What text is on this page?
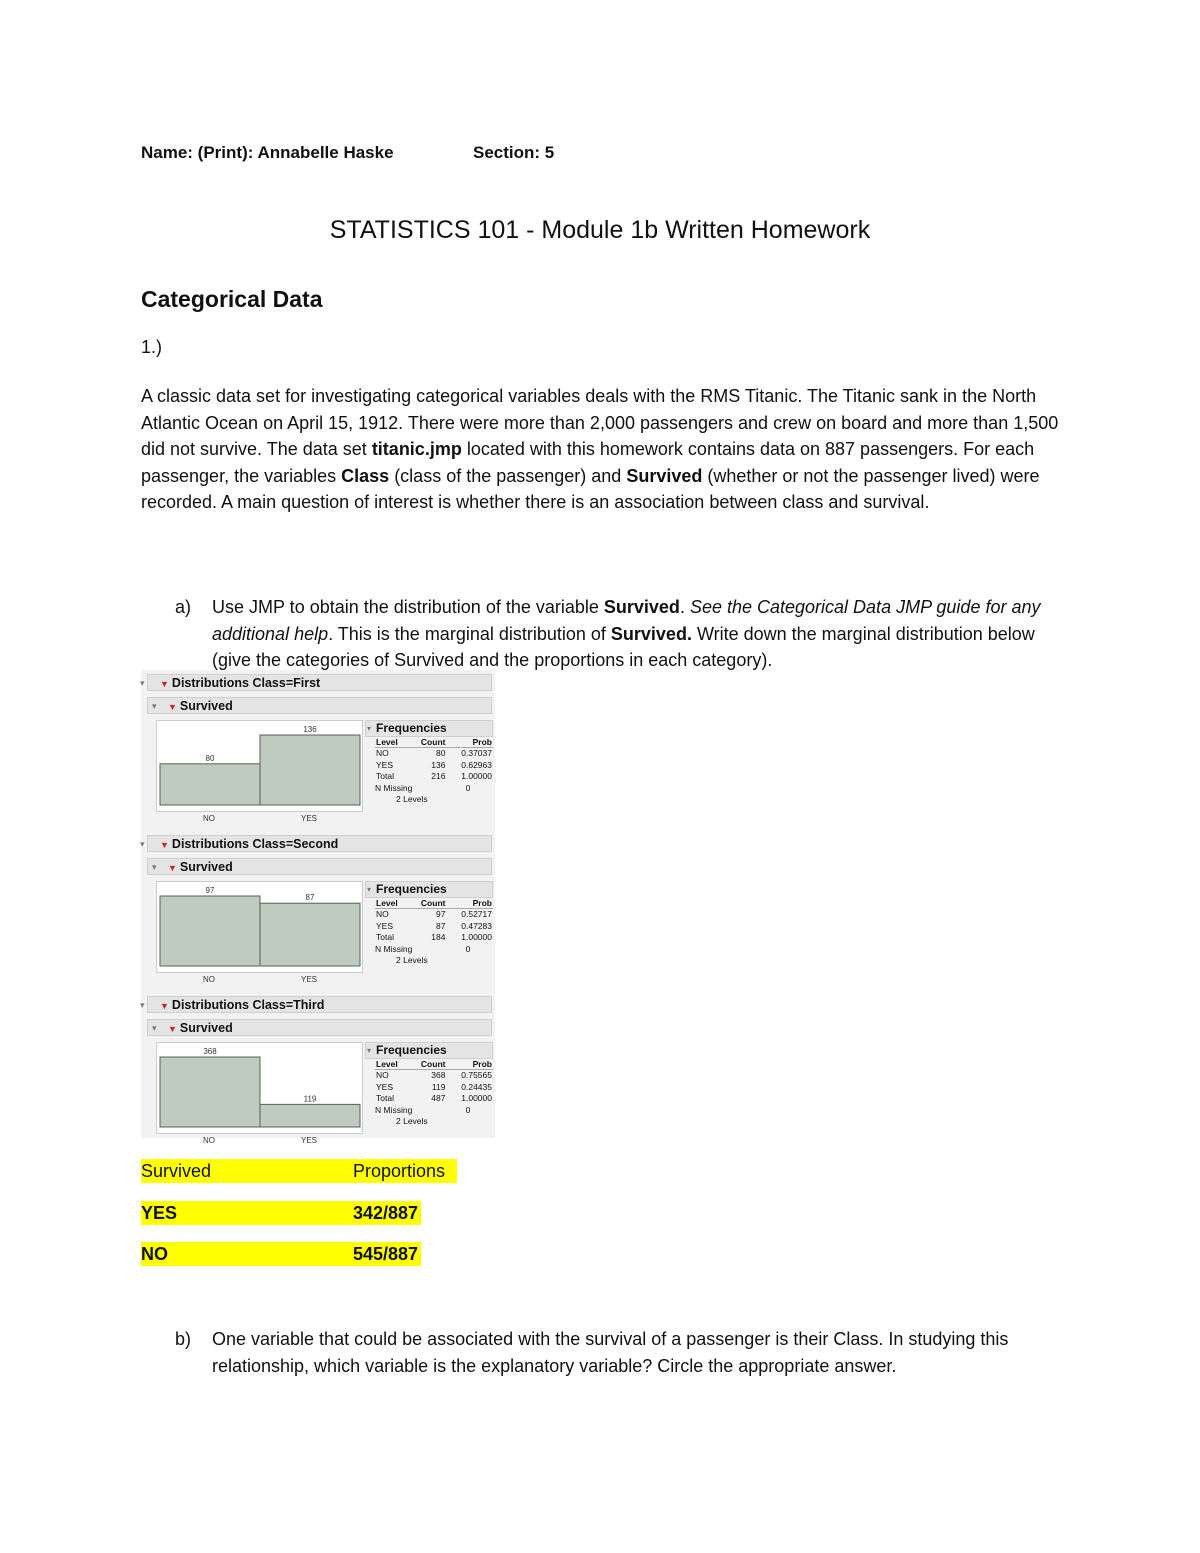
Name: (Print): Annabelle Haske	Section: 5
STATISTICS 101 - Module 1b Written Homework
Categorical Data
1.)
A classic data set for investigating categorical variables deals with the RMS Titanic. The Titanic sank in the North Atlantic Ocean on April 15, 1912. There were more than 2,000 passengers and crew on board and more than 1,500 did not survive. The data set titanic.jmp located with this homework contains data on 887 passengers. For each passenger, the variables Class (class of the passenger) and Survived (whether or not the passenger lived) were recorded. A main question of interest is whether there is an association between class and survival.
a) Use JMP to obtain the distribution of the variable Survived. See the Categorical Data JMP guide for any additional help. This is the marginal distribution of Survived. Write down the marginal distribution below (give the categories of Survived and the proportions in each category).
▾ ▼ Distributions Class=First
▾ ▼ Survived
80
136	▾ Frequencies
Level	Count	Prob
NO	80	0.37037
YES	136	0.62963
Total	216	1.00000
N Missing	0
2 Levels
NO	YES
▾ ▼ Distributions Class=Second
▾ ▼ Survived
97
87
▾ Frequencies
Level	Count	Prob
NO	97	0.52717
YES	87	0.47283
Total	184	1.00000
N Missing	0
2 Levels
NO	YES
▾ ▼ Distributions Class=Third
▾ ▼ Survived
368
119
▾ Frequencies
Level	Count	Prob
NO	368	0.75565
YES	119	0.24435
Total	487	1.00000
N Missing	0
2 Levels
NO	YES
Survived	Proportions
YES	342/887
NO	545/887
b) One variable that could be associated with the survival of a passenger is their Class. In studying this relationship, which variable is the explanatory variable? Circle the appropriate answer.
